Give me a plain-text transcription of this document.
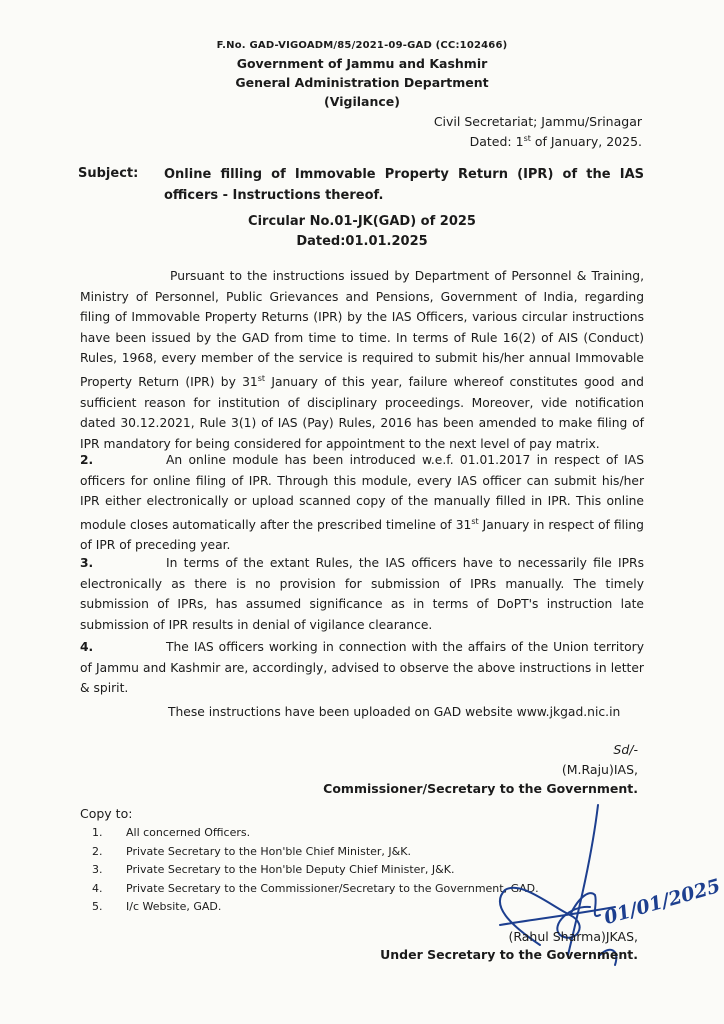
F.No. GAD-VIGOADM/85/2021-09-GAD (CC:102466)
Government of Jammu and Kashmir
General Administration Department
(Vigilance)
Civil Secretariat; Jammu/Srinagar
Dated: 1st of January, 2025.
Subject: Online filling of Immovable Property Return (IPR) of the IAS officers - Instructions thereof.
Circular No.01-JK(GAD) of 2025
Dated:01.01.2025
Pursuant to the instructions issued by Department of Personnel & Training, Ministry of Personnel, Public Grievances and Pensions, Government of India, regarding filing of Immovable Property Returns (IPR) by the IAS Officers, various circular instructions have been issued by the GAD from time to time. In terms of Rule 16(2) of AIS (Conduct) Rules, 1968, every member of the service is required to submit his/her annual Immovable Property Return (IPR) by 31st January of this year, failure whereof constitutes good and sufficient reason for institution of disciplinary proceedings. Moreover, vide notification dated 30.12.2021, Rule 3(1) of IAS (Pay) Rules, 2016 has been amended to make filing of IPR mandatory for being considered for appointment to the next level of pay matrix.
2.	An online module has been introduced w.e.f. 01.01.2017 in respect of IAS officers for online filing of IPR. Through this module, every IAS officer can submit his/her IPR either electronically or upload scanned copy of the manually filled in IPR. This online module closes automatically after the prescribed timeline of 31st January in respect of filing of IPR of preceding year.
3.	In terms of the extant Rules, the IAS officers have to necessarily file IPRs electronically as there is no provision for submission of IPRs manually. The timely submission of IPRs, has assumed significance as in terms of DoPT's instruction late submission of IPR results in denial of vigilance clearance.
4.	The IAS officers working in connection with the affairs of the Union territory of Jammu and Kashmir are, accordingly, advised to observe the above instructions in letter & spirit.
These instructions have been uploaded on GAD website www.jkgad.nic.in
Sd/-
(M.Raju)IAS,
Commissioner/Secretary to the Government.
Copy to:
1.	All concerned Officers.
2.	Private Secretary to the Hon'ble Chief Minister, J&K.
3.	Private Secretary to the Hon'ble Deputy Chief Minister, J&K.
4.	Private Secretary to the Commissioner/Secretary to the Government, GAD.
5.	I/c Website, GAD.	01/01/2025
(Rahul Sharma)JKAS,
Under Secretary to the Government.
